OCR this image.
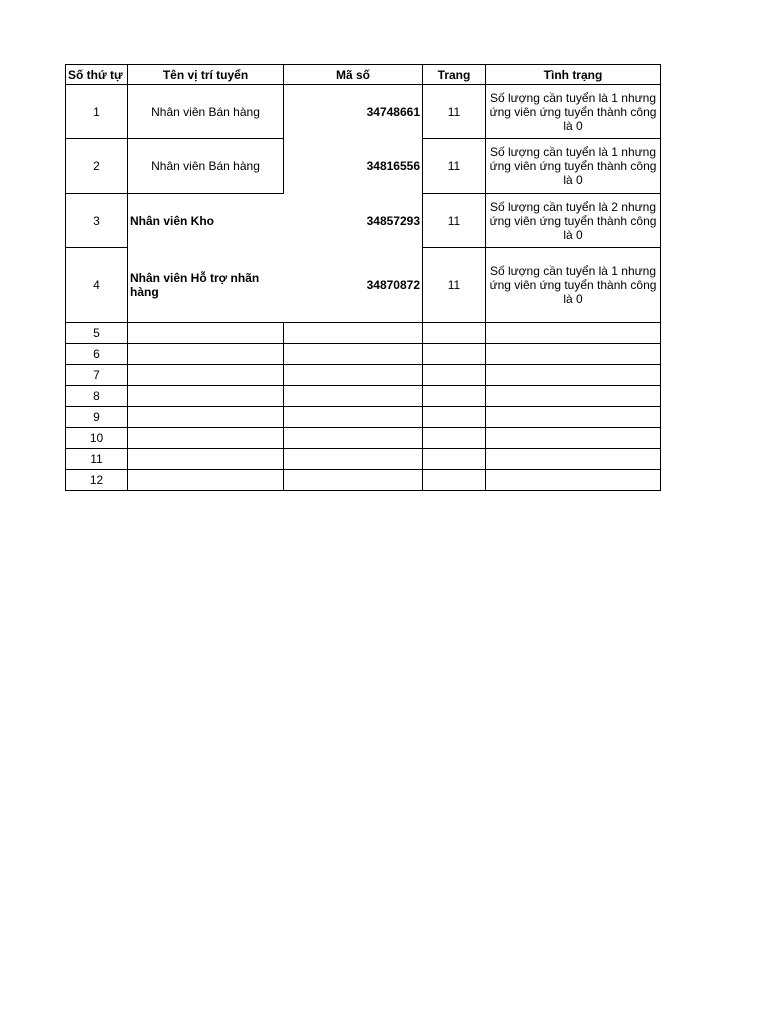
Số thứ tự	Tên vị trí tuyển	Mã số	Trang	Tình trạng
1	Nhân viên Bán hàng	34748661	11	Số lượng cần tuyển là 1 nhưng ứng viên ứng tuyển thành công là 0
2	Nhân viên Bán hàng	34816556	11	Số lượng cần tuyển là 1 nhưng ứng viên ứng tuyển thành công là 0
3	Nhân viên Kho	34857293	11	Số lượng cần tuyển là 2 nhưng ứng viên ứng tuyển thành công là 0
4	Nhân viên Hỗ trợ nhãn hàng	34870872	11	Số lượng cần tuyển là 1 nhưng ứng viên ứng tuyển thành công là 0
5				
6				
7				
8				
9				
10				
11				
12				
